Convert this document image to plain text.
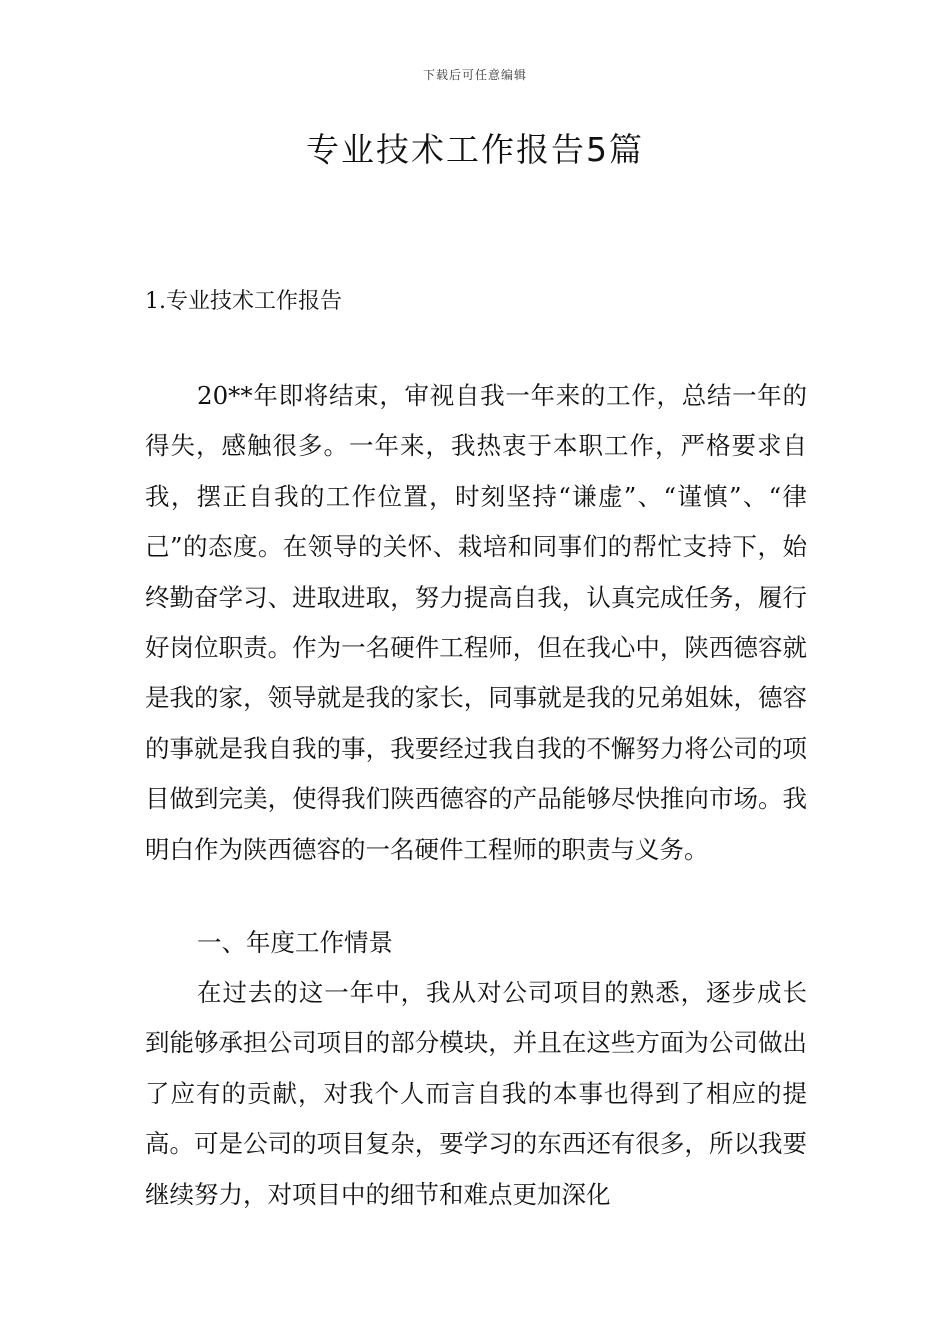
下载后可任意编辑
专业技术工作报告5篇
1.专业技术工作报告

20**年即将结束，审视自我一年来的工作，总结一年的得失，感触很多。一年来，我热衷于本职工作，严格要求自我，摆正自我的工作位置，时刻坚持“谦虚”、“谨慎”、“律己”的态度。在领导的关怀、栽培和同事们的帮忙支持下，始终勤奋学习、进取进取，努力提高自我，认真完成任务，履行好岗位职责。作为一名硬件工程师，但在我心中，陕西德容就是我的家，领导就是我的家长，同事就是我的兄弟姐妹，德容的事就是我自我的事，我要经过我自我的不懈努力将公司的项目做到完美，使得我们陕西德容的产品能够尽快推向市场。我明白作为陕西德容的一名硬件工程师的职责与义务。

一、年度工作情景

在过去的这一年中，我从对公司项目的熟悉，逐步成长到能够承担公司项目的部分模块，并且在这些方面为公司做出了应有的贡献，对我个人而言自我的本事也得到了相应的提高。可是公司的项目复杂，要学习的东西还有很多，所以我要继续努力，对项目中的细节和难点更加深化
